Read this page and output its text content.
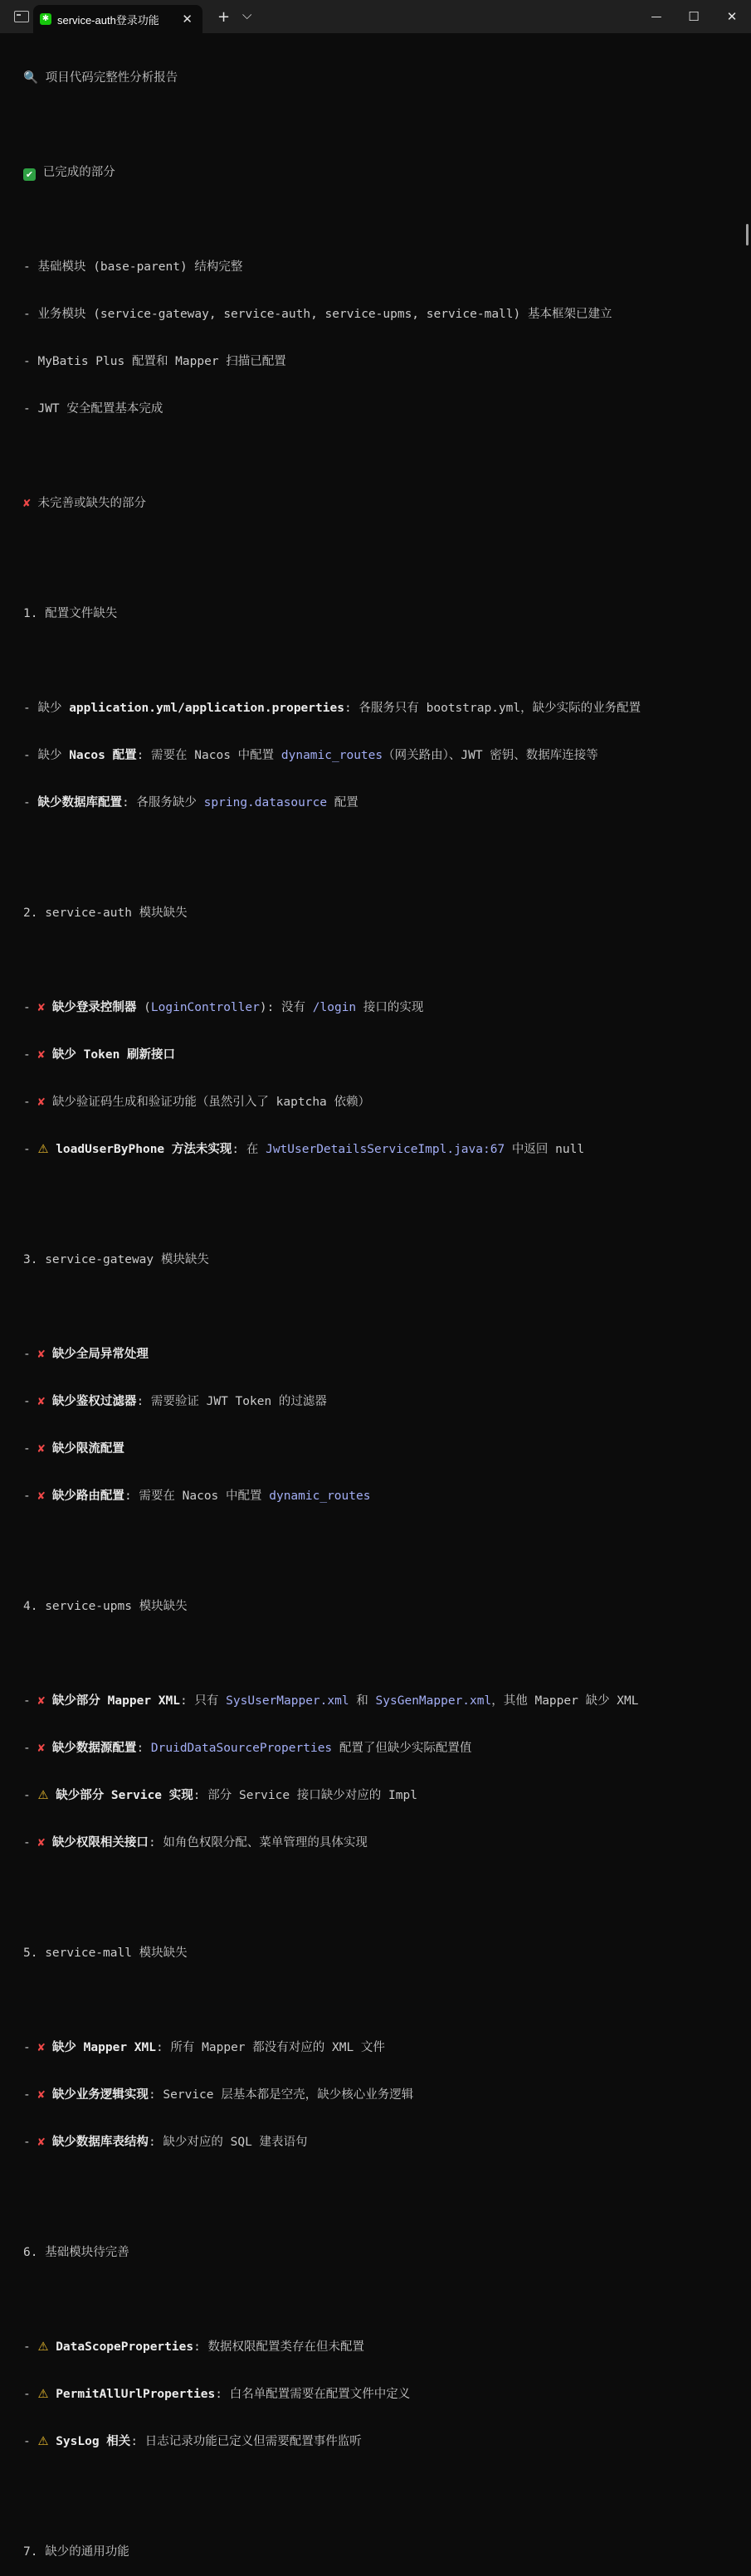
✱ service-auth登录功能 ✕ + ⌵	—	☐	✕

🔍 项目代码完整性分析报告

✔ 已完成的部分

- 基础模块 (base-parent) 结构完整

- 业务模块 (service-gateway, service-auth, service-upms, service-mall) 基本框架已建立

- MyBatis Plus 配置和 Mapper 扫描已配置

- JWT 安全配置基本完成

✘ 未完善或缺失的部分

1. 配置文件缺失

- 缺少 application.yml/application.properties: 各服务只有 bootstrap.yml，缺少实际的业务配置

- 缺少 Nacos 配置: 需要在 Nacos 中配置 dynamic_routes（网关路由）、JWT 密钥、数据库连接等

- 缺少数据库配置: 各服务缺少 spring.datasource 配置

2. service-auth 模块缺失

- ✘ 缺少登录控制器 (LoginController): 没有 /login 接口的实现

- ✘ 缺少 Token 刷新接口

- ✘ 缺少验证码生成和验证功能（虽然引入了 kaptcha 依赖）

- ⚠ loadUserByPhone 方法未实现: 在 JwtUserDetailsServiceImpl.java:67 中返回 null

3. service-gateway 模块缺失

- ✘ 缺少全局异常处理

- ✘ 缺少鉴权过滤器: 需要验证 JWT Token 的过滤器

- ✘ 缺少限流配置

- ✘ 缺少路由配置: 需要在 Nacos 中配置 dynamic_routes

4. service-upms 模块缺失

- ✘ 缺少部分 Mapper XML: 只有 SysUserMapper.xml 和 SysGenMapper.xml，其他 Mapper 缺少 XML

- ✘ 缺少数据源配置: DruidDataSourceProperties 配置了但缺少实际配置值

- ⚠ 缺少部分 Service 实现: 部分 Service 接口缺少对应的 Impl

- ✘ 缺少权限相关接口: 如角色权限分配、菜单管理的具体实现

5. service-mall 模块缺失

- ✘ 缺少 Mapper XML: 所有 Mapper 都没有对应的 XML 文件

- ✘ 缺少业务逻辑实现: Service 层基本都是空壳，缺少核心业务逻辑

- ✘ 缺少数据库表结构: 缺少对应的 SQL 建表语句

6. 基础模块待完善

- ⚠ DataScopeProperties: 数据权限配置类存在但未配置

- ⚠ PermitAllUrlProperties: 白名单配置需要在配置文件中定义

- ⚠ SysLog 相关: 日志记录功能已定义但需要配置事件监听

7. 缺少的通用功能
